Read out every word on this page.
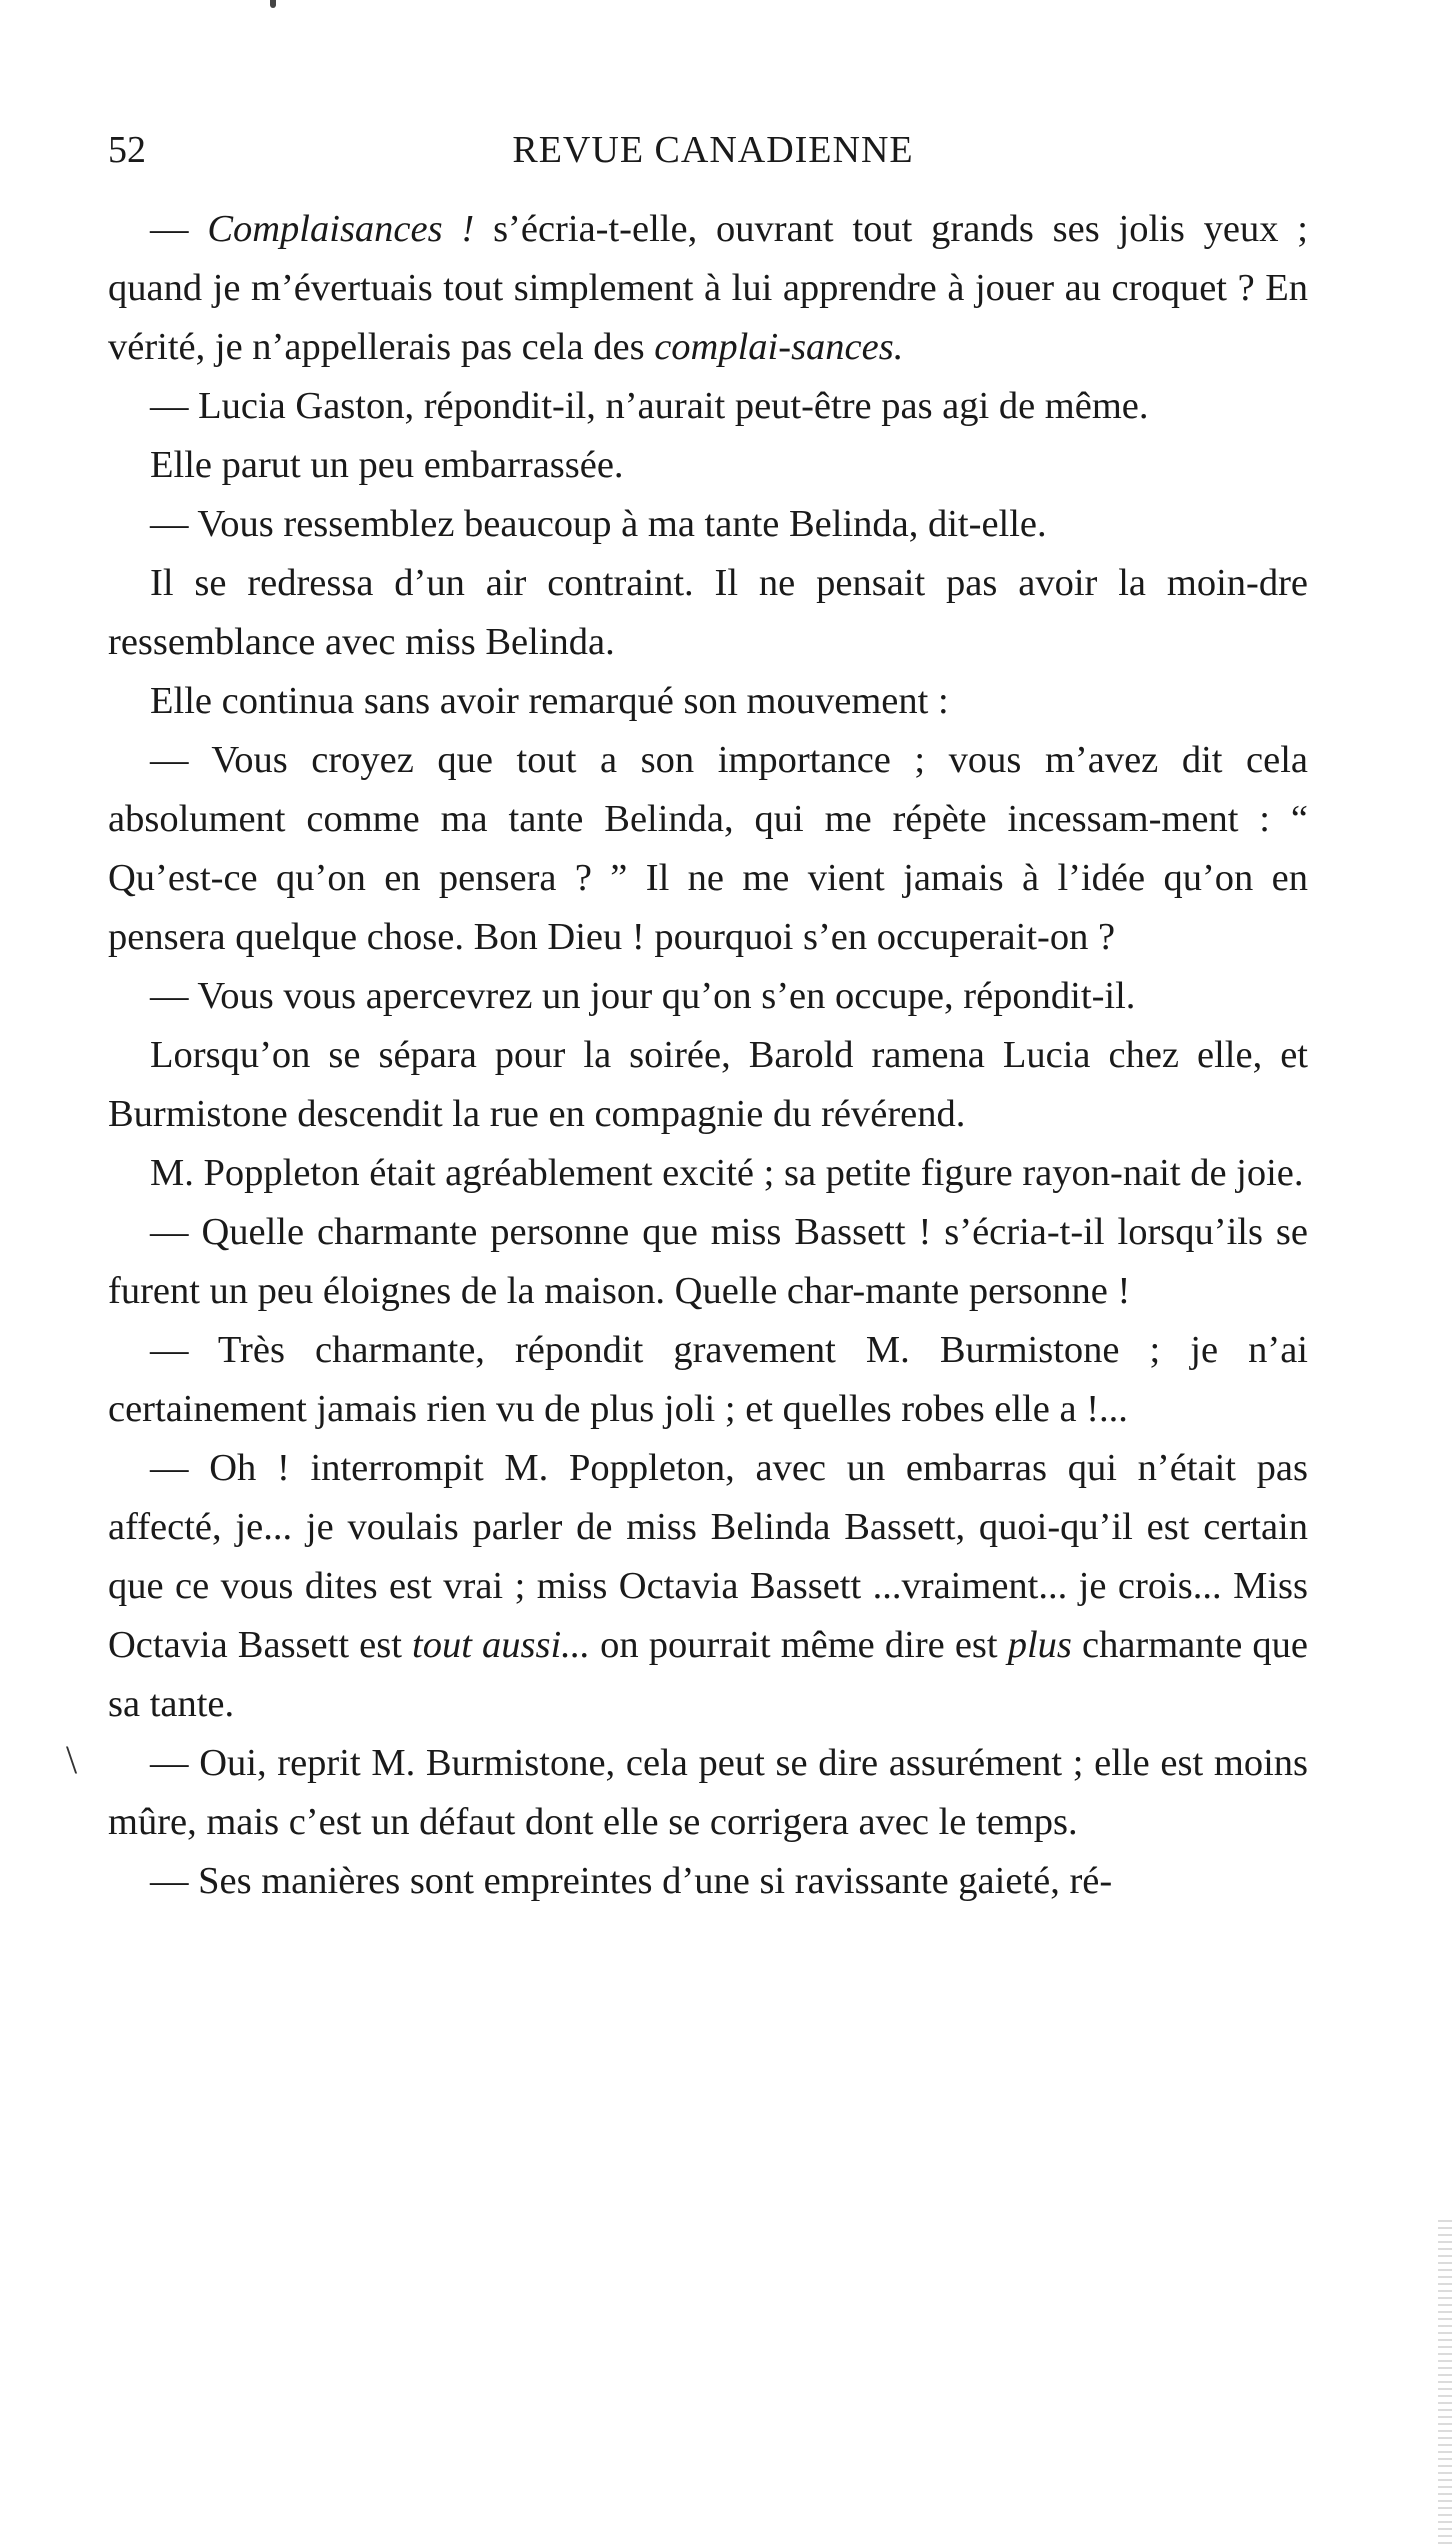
52	REVUE CANADIENNE

— Complaisances ! s’écria-t-elle, ouvrant tout grands ses jolis yeux ; quand je m’évertuais tout simplement à lui apprendre à jouer au croquet ? En vérité, je n’appellerais pas cela des complai-sances.

— Lucia Gaston, répondit-il, n’aurait peut-être pas agi de même.

Elle parut un peu embarrassée.

— Vous ressemblez beaucoup à ma tante Belinda, dit-elle.

Il se redressa d’un air contraint. Il ne pensait pas avoir la moin-dre ressemblance avec miss Belinda.

Elle continua sans avoir remarqué son mouvement :

— Vous croyez que tout a son importance ; vous m’avez dit cela absolument comme ma tante Belinda, qui me répète incessam-ment : “ Qu’est-ce qu’on en pensera ? ” Il ne me vient jamais à l’idée qu’on en pensera quelque chose. Bon Dieu ! pourquoi s’en occuperait-on ?

— Vous vous apercevrez un jour qu’on s’en occupe, répondit-il.

Lorsqu’on se sépara pour la soirée, Barold ramena Lucia chez elle, et Burmistone descendit la rue en compagnie du révérend.

M. Poppleton était agréablement excité ; sa petite figure rayon-nait de joie.

— Quelle charmante personne que miss Bassett ! s’écria-t-il lorsqu’ils se furent un peu éloignes de la maison. Quelle char-mante personne !

— Très charmante, répondit gravement M. Burmistone ; je n’ai certainement jamais rien vu de plus joli ; et quelles robes elle a !...

— Oh ! interrompit M. Poppleton, avec un embarras qui n’était pas affecté, je... je voulais parler de miss Belinda Bassett, quoi-qu’il est certain que ce vous dites est vrai ; miss Octavia Bassett ...vraiment... je crois... Miss Octavia Bassett est tout aussi... on pourrait même dire est plus charmante que sa tante.

— Oui, reprit M. Burmistone, cela peut se dire assurément ; elle est moins mûre, mais c’est un défaut dont elle se corrigera avec le temps.

— Ses manières sont empreintes d’une si ravissante gaieté, ré-

\
